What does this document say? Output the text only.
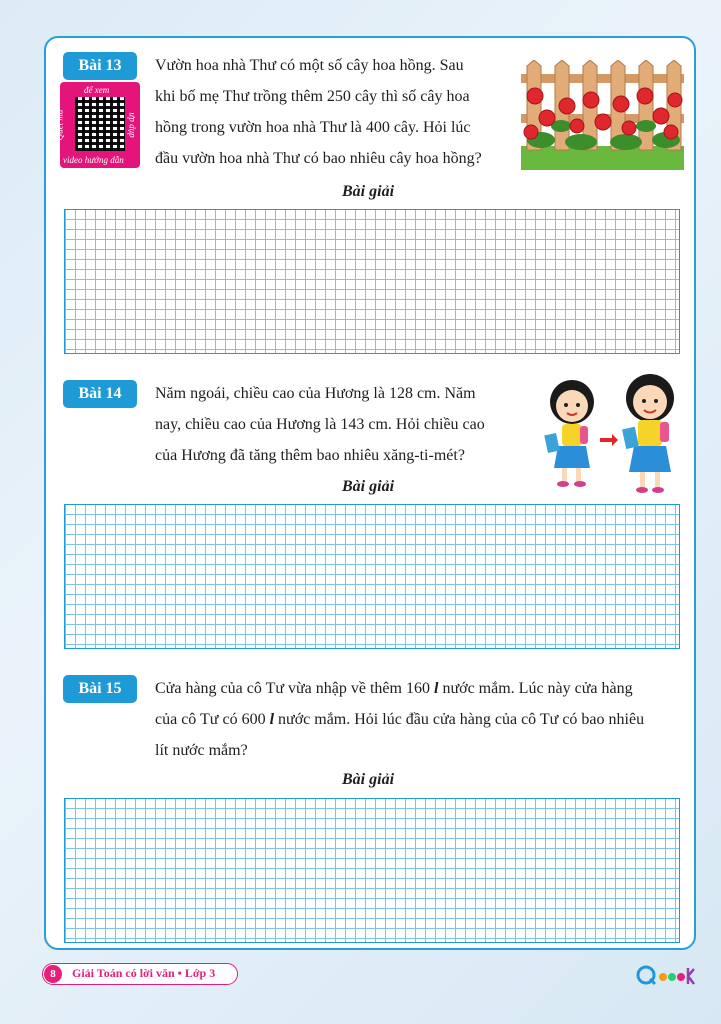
Bài 13
để xem
Quét mã	ưp dụp
video hướng dẫn

Vườn hoa nhà Thư có một số cây hoa hồng. Sau

khi bố mẹ Thư trồng thêm 250 cây thì số cây hoa

hồng trong vườn hoa nhà Thư là 400 cây. Hỏi lúc

đầu vườn hoa nhà Thư có bao nhiêu cây hoa hồng?

Bài giải
Bài 14	Năm ngoái, chiều cao của Hương là 128 cm. Năm

nay, chiều cao của Hương là 143 cm. Hỏi chiều cao

của Hương đã tăng thêm bao nhiêu xăng-ti-mét?

Bài giải
Bài 15	Cửa hàng của cô Tư vừa nhập về thêm 160 l nước mắm. Lúc này cửa hàng

của cô Tư có 600 l nước mắm. Hỏi lúc đầu cửa hàng của cô Tư có bao nhiêu

lít nước mắm?

Bài giải
8	Giải Toán có lời văn • Lớp 3
